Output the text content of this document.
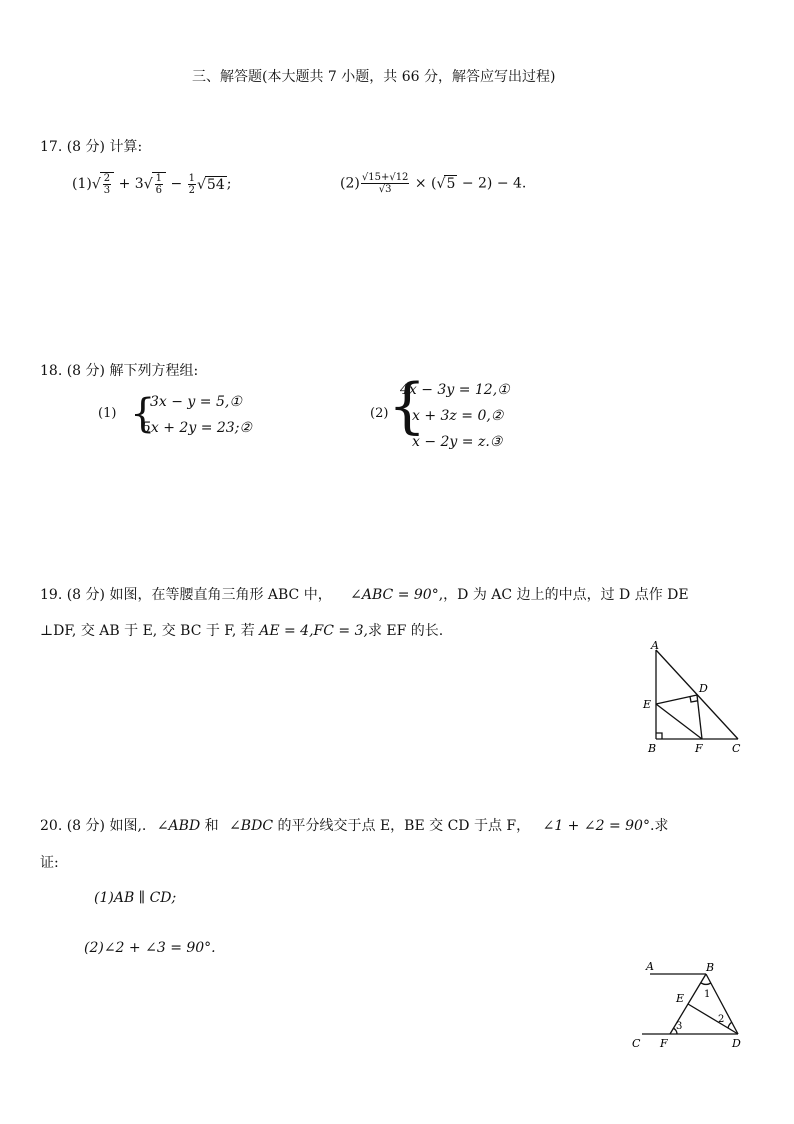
三、解答题(本大题共 7 小题，共 66 分，解答应写出过程)
17. (8 分) 计算:
$(1)√ \frac{2}{3} + 3√ \frac{1}{6} - \frac{1}{2} √54$ ;	$(2) \frac{√15+√12}{√3} \times (√5 - 2) - 4$.
18. (8 分) 解下列方程组:
(1) {
3x − y = 5,①
5x + 2y = 23;②
(2) {
4x − 3y = 12,①
x + 3z = 0,②
x − 2y = z.③
19. (8 分) 如图，在等腰直角三角形 ABC 中， ∠ABC = 90°,，D 为 AC 边上的中点，过 D 点作 DE
⊥DF, 交 AB 于 E, 交 BC 于 F, 若 AE = 4,FC = 3,求 EF 的长.
A
B	C
D
E
F
20. (8 分) 如图,. ∠ABD 和 ∠BDC 的平分线交于点 E，BE 交 CD 于点 F， ∠1 + ∠2 = 90°.求
证:
(1)AB ∥ CD;
(2)∠2 + ∠3 = 90°.
A	B
C	D
E
F
1
2
3
